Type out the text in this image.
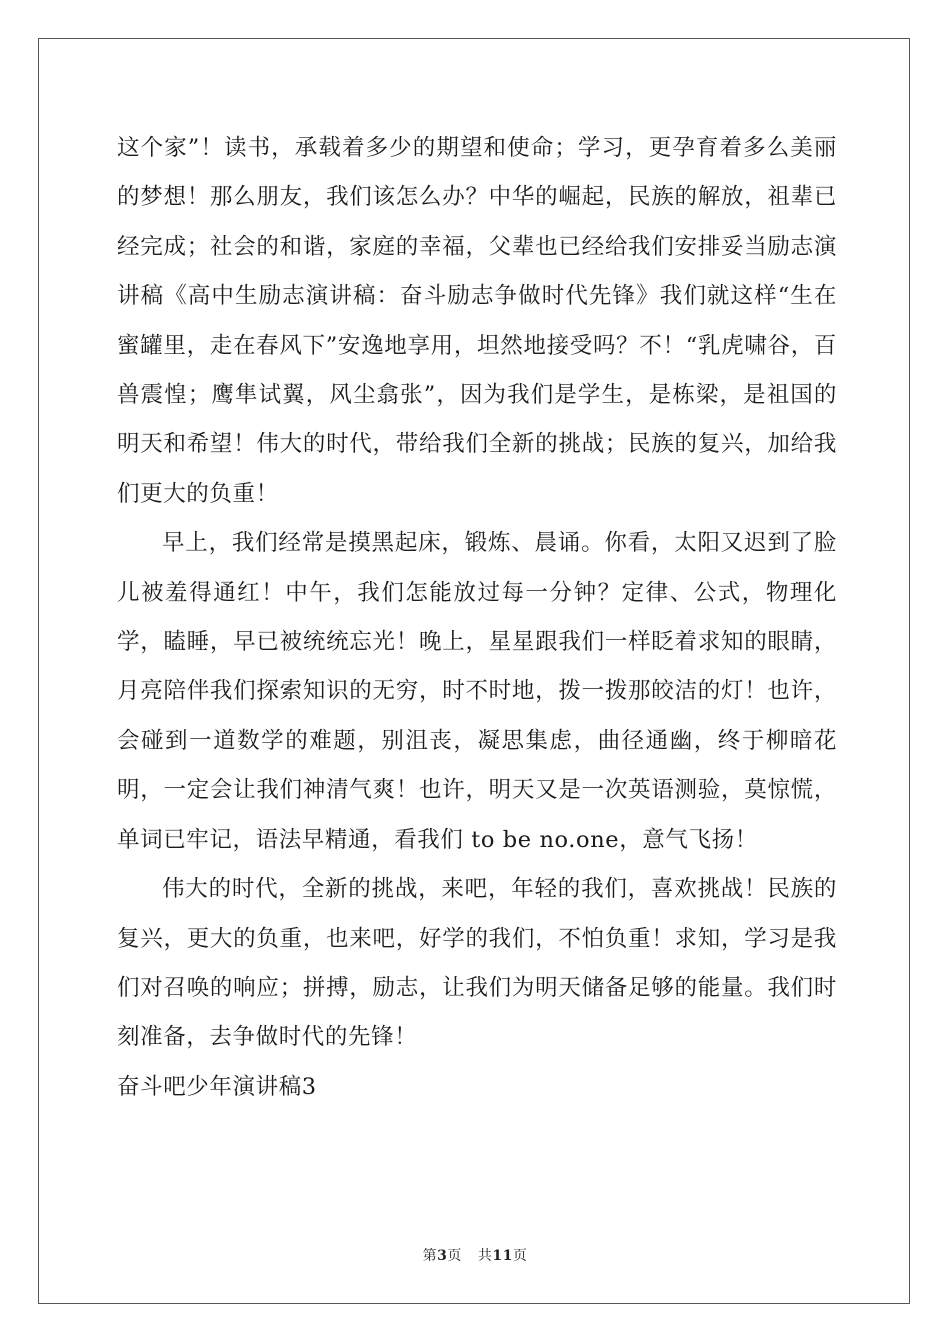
这个家”！读书，承载着多少的期望和使命；学习，更孕育着多么美丽的梦想！那么朋友，我们该怎么办？中华的崛起，民族的解放，祖辈已经完成；社会的和谐，家庭的幸福，父辈也已经给我们安排妥当励志演讲稿《高中生励志演讲稿：奋斗励志争做时代先锋》我们就这样“生在蜜罐里，走在春风下”安逸地享用，坦然地接受吗？不！“乳虎啸谷，百兽震惶；鹰隼试翼，风尘翕张”，因为我们是学生，是栋梁，是祖国的明天和希望！伟大的时代，带给我们全新的挑战；民族的复兴，加给我们更大的负重！

早上，我们经常是摸黑起床，锻炼、晨诵。你看，太阳又迟到了脸儿被羞得通红！中午，我们怎能放过每一分钟？定律、公式，物理化学，瞌睡，早已被统统忘光！晚上，星星跟我们一样眨着求知的眼睛，月亮陪伴我们探索知识的无穷，时不时地，拨一拨那皎洁的灯！也许，会碰到一道数学的难题，别沮丧，凝思集虑，曲径通幽，终于柳暗花明，一定会让我们神清气爽！也许，明天又是一次英语测验，莫惊慌，单词已牢记，语法早精通，看我们 to be no.one，意气飞扬！

伟大的时代，全新的挑战，来吧，年轻的我们，喜欢挑战！民族的复兴，更大的负重，也来吧，好学的我们，不怕负重！求知，学习是我们对召唤的响应；拼搏，励志，让我们为明天储备足够的能量。我们时刻准备，去争做时代的先锋！

奋斗吧少年演讲稿3

第3页 共11页
